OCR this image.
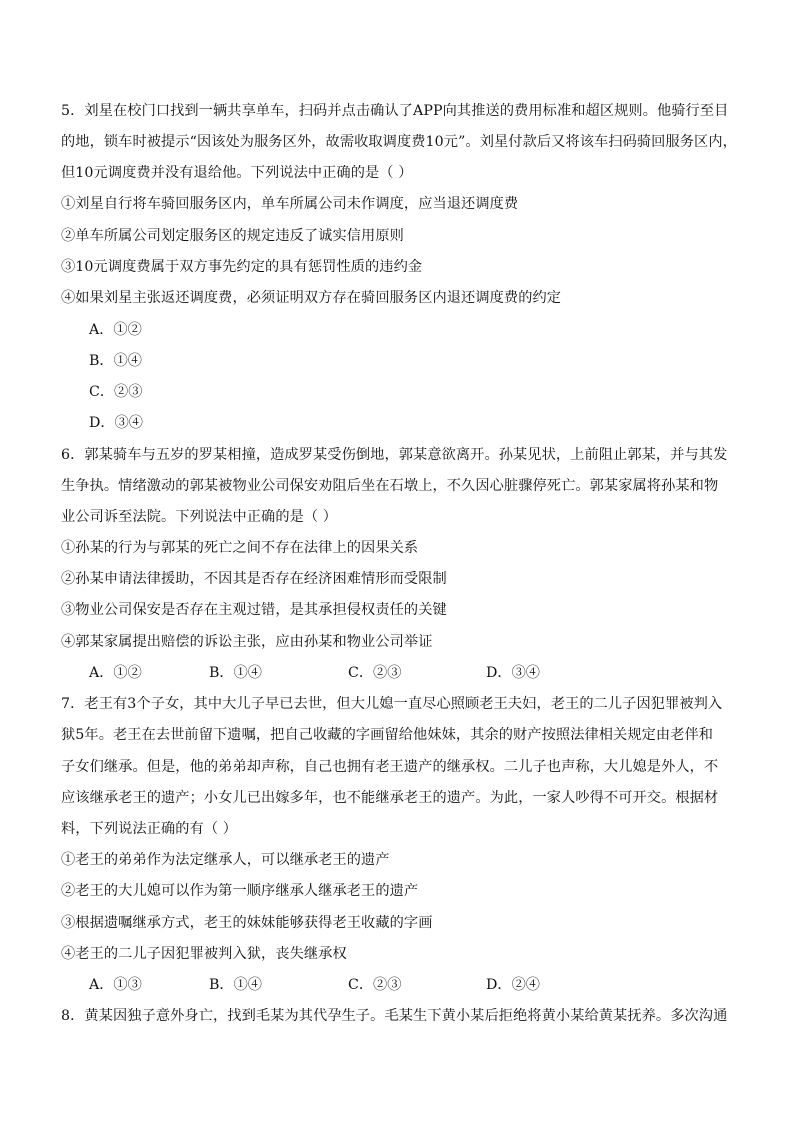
5．刘星在校门口找到一辆共享单车，扫码并点击确认了APP向其推送的费用标准和超区规则。他骑行至目
的地，锁车时被提示“因该处为服务区外，故需收取调度费10元”。刘星付款后又将该车扫码骑回服务区内，
但10元调度费并没有退给他。下列说法中正确的是（ ）
①刘星自行将车骑回服务区内，单车所属公司未作调度，应当退还调度费
②单车所属公司划定服务区的规定违反了诚实信用原则
③10元调度费属于双方事先约定的具有惩罚性质的违约金
④如果刘星主张返还调度费，必须证明双方存在骑回服务区内退还调度费的约定
A．①②
B．①④
C．②③
D．③④
6．郭某骑车与五岁的罗某相撞，造成罗某受伤倒地，郭某意欲离开。孙某见状，上前阻止郭某，并与其发
生争执。情绪激动的郭某被物业公司保安劝阻后坐在石墩上，不久因心脏骤停死亡。郭某家属将孙某和物
业公司诉至法院。下列说法中正确的是（ ）
①孙某的行为与郭某的死亡之间不存在法律上的因果关系
②孙某申请法律援助，不因其是否存在经济困难情形而受限制
③物业公司保安是否存在主观过错，是其承担侵权责任的关键
④郭某家属提出赔偿的诉讼主张，应由孙某和物业公司举证
A．①②	B．①④	C．②③	D．③④
7．老王有3个子女，其中大儿子早已去世，但大儿媳一直尽心照顾老王夫妇，老王的二儿子因犯罪被判入
狱5年。老王在去世前留下遗嘱，把自己收藏的字画留给他妹妹，其余的财产按照法律相关规定由老伴和
子女们继承。但是，他的弟弟却声称，自己也拥有老王遗产的继承权。二儿子也声称，大儿媳是外人，不
应该继承老王的遗产；小女儿已出嫁多年，也不能继承老王的遗产。为此，一家人吵得不可开交。根据材
料，下列说法正确的有（ ）
①老王的弟弟作为法定继承人，可以继承老王的遗产
②老王的大儿媳可以作为第一顺序继承人继承老王的遗产
③根据遗嘱继承方式，老王的妹妹能够获得老王收藏的字画
④老王的二儿子因犯罪被判入狱，丧失继承权
A．①③	B．①④	C．②③	D．②④
8．黄某因独子意外身亡，找到毛某为其代孕生子。毛某生下黄小某后拒绝将黄小某给黄某抚养。多次沟通
